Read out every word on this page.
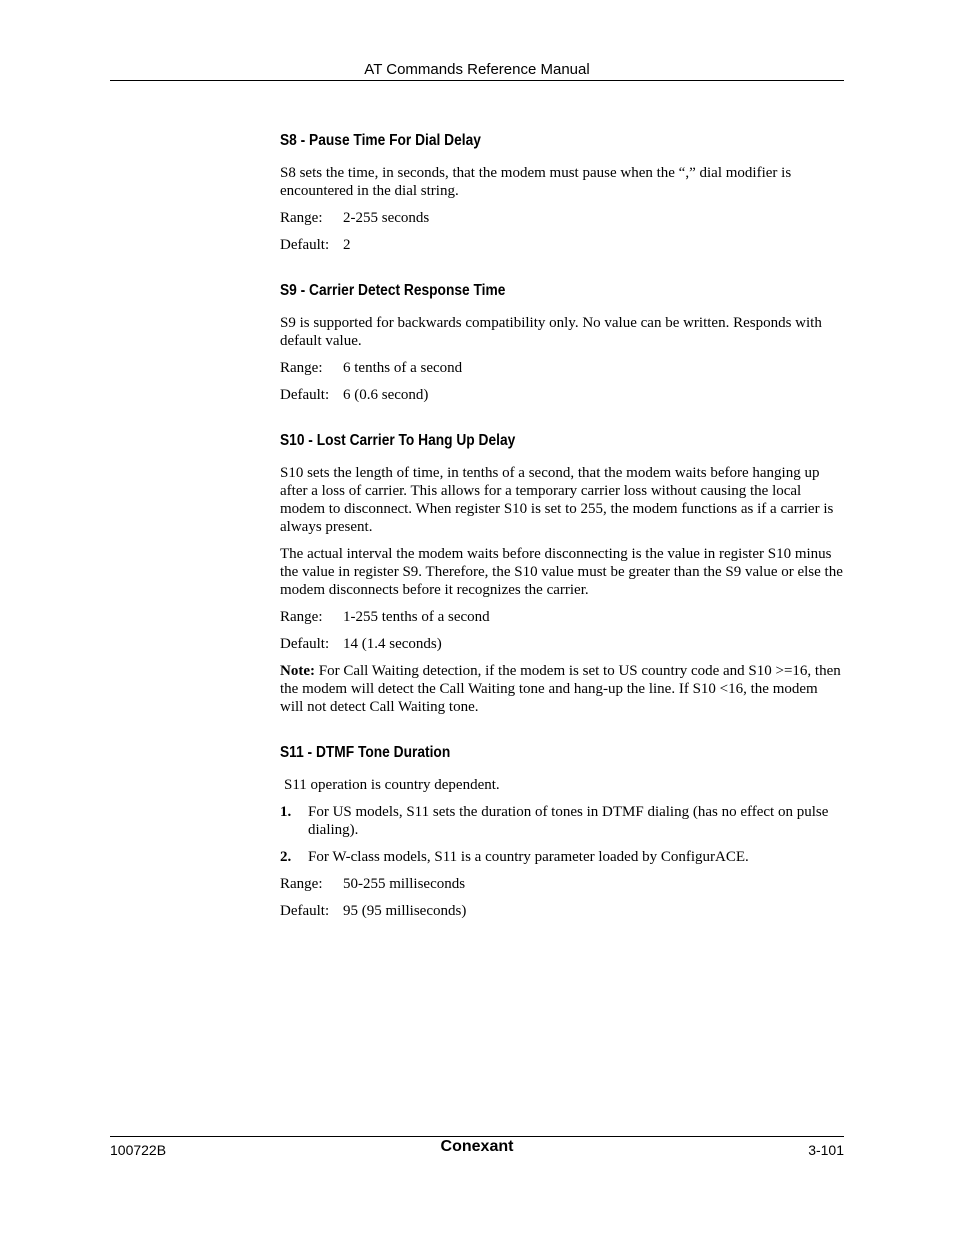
AT Commands Reference Manual
S8 - Pause Time For Dial Delay
S8 sets the time, in seconds, that the modem must pause when the “,” dial modifier is encountered in the dial string.
Range:	2-255 seconds
Default: 2
S9 - Carrier Detect Response Time
S9 is supported for backwards compatibility only. No value can be written. Responds with default value.
Range:	6 tenths of a second
Default: 6 (0.6 second)
S10 - Lost Carrier To Hang Up Delay
S10 sets the length of time, in tenths of a second, that the modem waits before hanging up after a loss of carrier. This allows for a temporary carrier loss without causing the local modem to disconnect. When register S10 is set to 255, the modem functions as if a carrier is always present.
The actual interval the modem waits before disconnecting is the value in register S10 minus the value in register S9. Therefore, the S10 value must be greater than the S9 value or else the modem disconnects before it recognizes the carrier.
Range:	1-255 tenths of a second
Default: 14 (1.4 seconds)
Note: For Call Waiting detection, if the modem is set to US country code and S10 >=16, then the modem will detect the Call Waiting tone and hang-up the line. If S10 <16, the modem will not detect Call Waiting tone.
S11 - DTMF Tone Duration
S11 operation is country dependent.
1.	For US models, S11 sets the duration of tones in DTMF dialing (has no effect on pulse dialing).
2.	For W-class models, S11 is a country parameter loaded by ConfigurACE.
Range:	50-255 milliseconds
Default: 95 (95 milliseconds)
100722B	Conexant	3-101
